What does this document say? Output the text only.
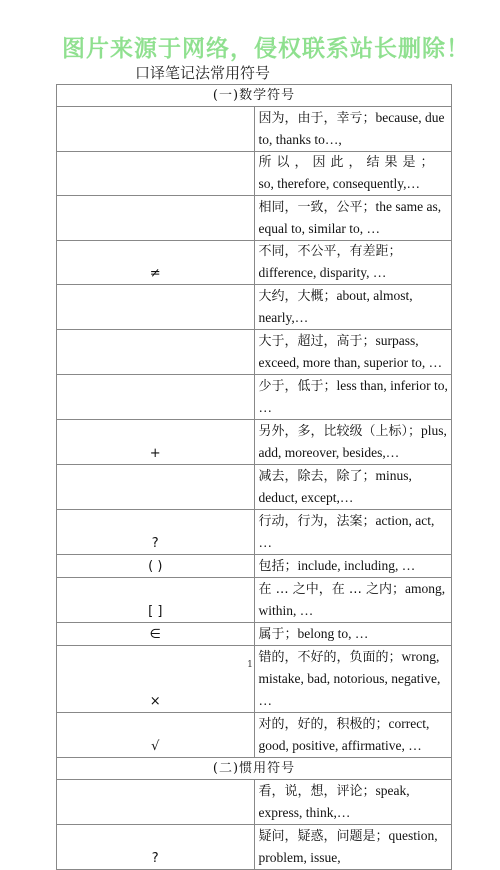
图片来源于网络，侵权联系站长删除！
口译笔记法常用符号
(一)数学符号	
	因为，由于，幸亏；because, due to, thanks to…,
	所以，因此，结果是；so, therefore, consequently,…
	相同，一致，公平；the same as, equal to, similar to, …
≠	不同，不公平，有差距；difference, disparity, …
	大约，大概；about, almost, nearly,…
	大于，超过，高于；surpass, exceed, more than, superior to, …
	少于，低于；less than, inferior to, …
+	另外，多，比较级（上标）；plus, add, moreover, besides,…
	减去，除去，除了；minus, deduct, except,…
?	行动，行为，法案；action, act, …
( )	包括；include, including, …
[ ]	在 … 之中，在 … 之内；among, within, …
∈	属于；belong to, …
×	错的，不好的，负面的；wrong, mistake, bad, notorious, negative, …
√	对的，好的，积极的；correct, good, positive, affirmative, …
(二)惯用符号	
	看，说，想，评论；speak, express, think,…
?	疑问，疑惑，问题是；question, problem, issue,
1
